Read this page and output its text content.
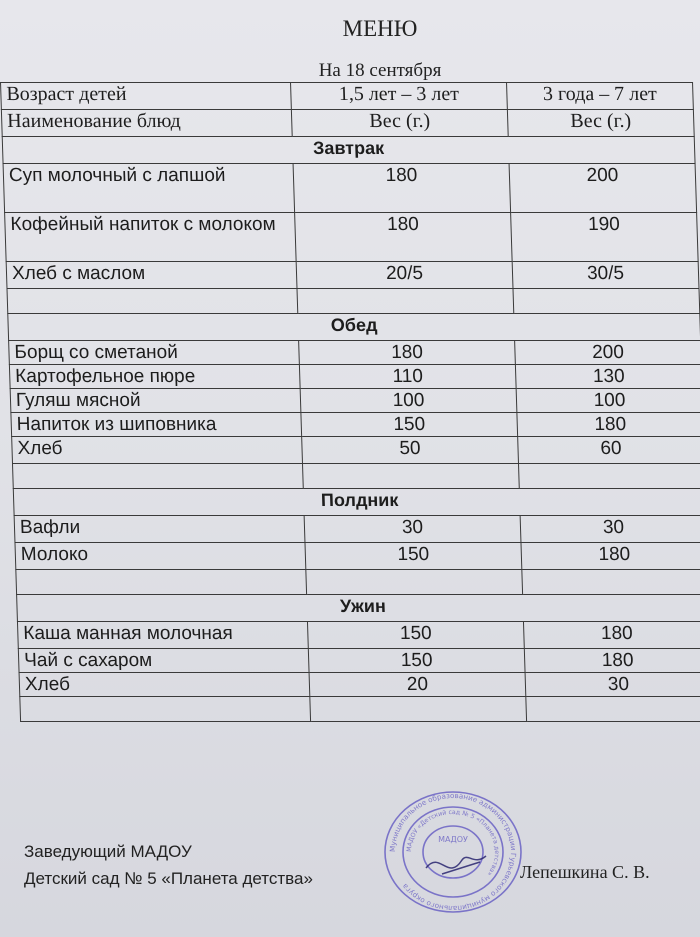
МЕНЮ
На 18 сентября
Возраст детей	1,5 лет – 3 лет	3 года – 7 лет
Наименование блюд	Вес (г.)	Вес (г.)
Завтрак		
Суп молочный с лапшой	180	200
Кофейный напиток с молоком	180	190
Хлеб с маслом	20/5	30/5

Обед		
Борщ со сметаной	180	200
Картофельное пюре	110	130
Гуляш мясной	100	100
Напиток из шиповника	150	180
Хлеб	50	60

Полдник		
Вафли	30	30
Молоко	150	180

Ужин		
Каша манная молочная	150	180
Чай с сахаром	150	180
Хлеб	20	30

Заведующий МАДОУ
Детский сад № 5 «Планета детства»
Муниципальное образование администрации Гурьевского муниципального округа
МАДОУ «Детский сад № 5 «Планета детства»
МАДОУ
Лепешкина С. В.
